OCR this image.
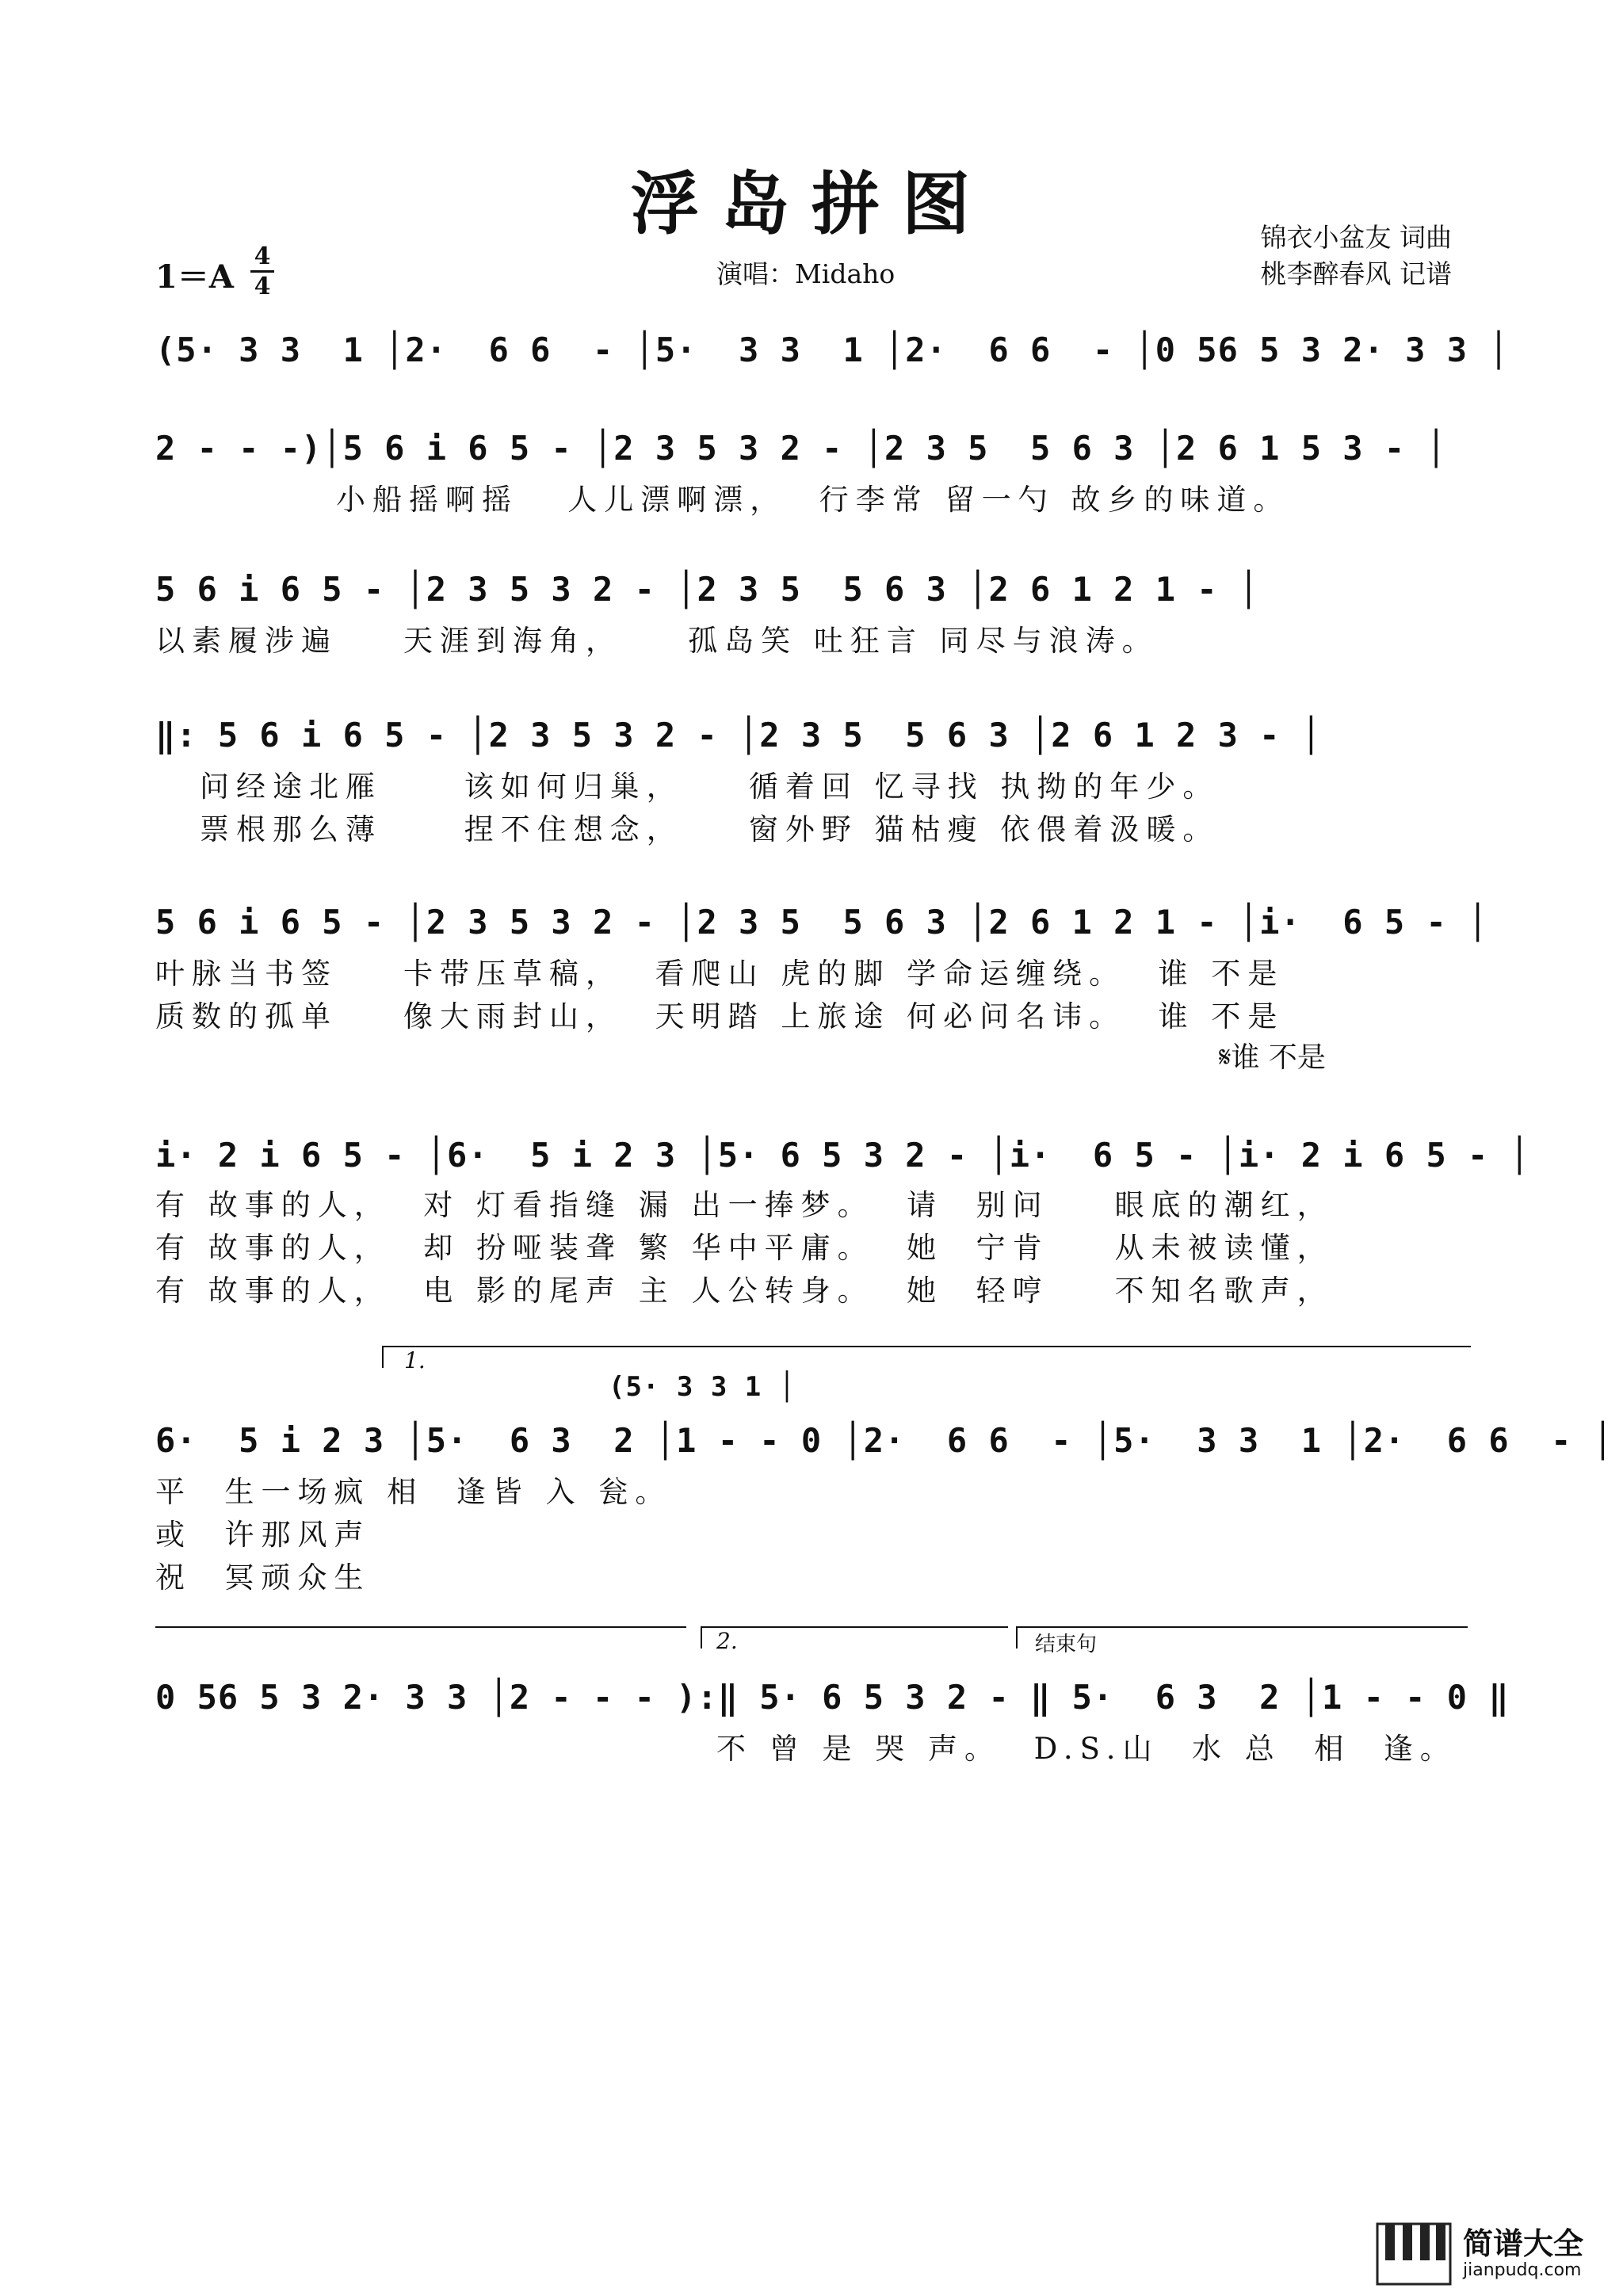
浮岛拼图	锦衣小盆友 词曲
桃李醉春风 记谱
演唱：Midaho
1＝A
4
4
(5· 3 3  1 │2·  6 6  - │5·  3 3  1 │2·  6 6  - │0 56 5 3 2· 3 3 │
2 - - -)│5 6 i 6 5 - │2 3 5 3 2 - │2 3 5  5 6 3 │2 6 1 5 3 - │
小船摇啊摇   人儿漂啊漂，  行李常 留一勺 故乡的味道。
5 6 i 6 5 - │2 3 5 3 2 - │2 3 5  5 6 3 │2 6 1 2 1 - │
以素履涉遍    天涯到海角，    孤岛笑 吐狂言 同尽与浪涛。
‖: 5 6 i 6 5 - │2 3 5 3 2 - │2 3 5  5 6 3 │2 6 1 2 3 - │
问经途北雁     该如何归巢，    循着回 忆寻找 执拗的年少。
票根那么薄     捏不住想念，    窗外野 猫枯瘦 依偎着汲暖。
5 6 i 6 5 - │2 3 5 3 2 - │2 3 5  5 6 3 │2 6 1 2 1 - │i·  6 5 - │
叶脉当书签    卡带压草稿，  看爬山 虎的脚 学命运缠绕。  谁 不是
质数的孤单    像大雨封山，  天明踏 上旅途 何必问名讳。  谁 不是
𝄋谁 不是
i· 2 i 6 5 - │6·  5 i 2 3 │5· 6 5 3 2 - │i·  6 5 - │i· 2 i 6 5 - │
有 故事的人，  对 灯看指缝 漏 出一捧梦。  请  别问    眼底的潮红，
有 故事的人，  却 扮哑装聋 繁 华中平庸。  她  宁肯    从未被读懂，
有 故事的人，  电 影的尾声 主 人公转身。  她  轻哼    不知名歌声，
1.
(5· 3 3 1 │
6·  5 i 2 3 │5·  6 3  2 │1 - - 0 │2·  6 6  - │5·  3 3  1 │2·  6 6  - │
平  生一场疯 相  逢皆 入 瓮。
或  许那风声
祝  冥顽众生
2.	结束句
0 56 5 3 2· 3 3 │2 - - - ):‖ 5· 6 5 3 2 - ‖ 5·  6 3  2 │1 - - 0 ‖
不 曾 是 哭 声。  D.S.山  水 总  相  逢。
简谱大全
jianpudq.com
